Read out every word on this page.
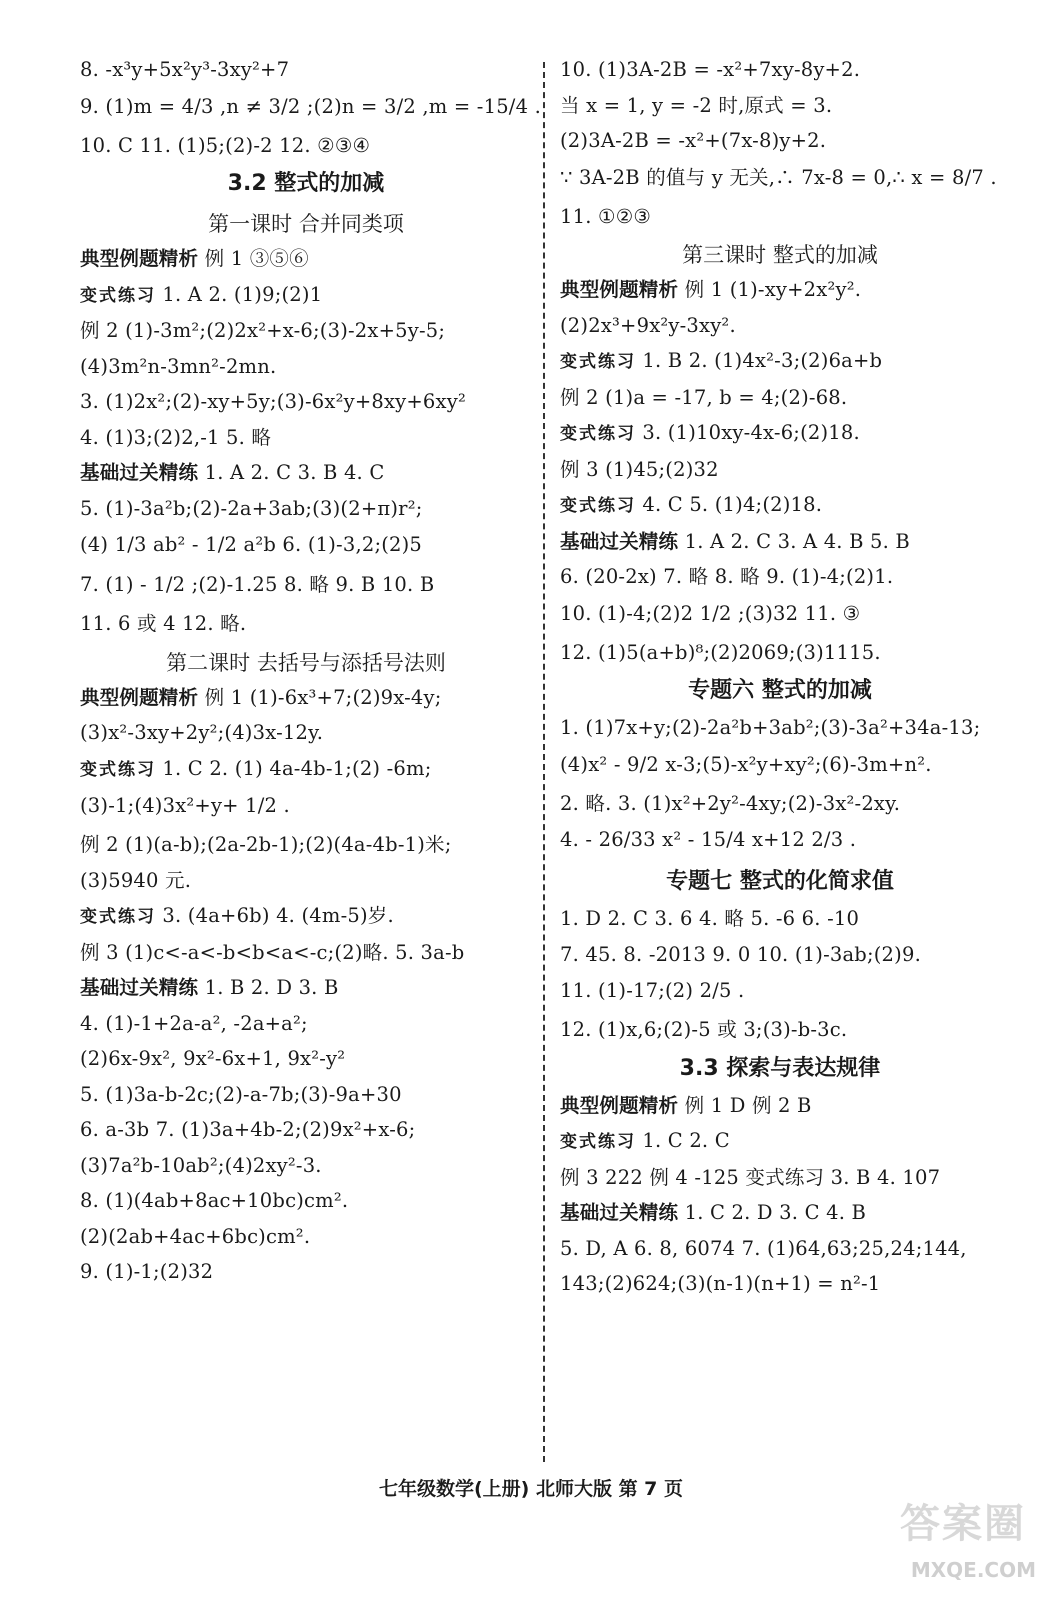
8. -x³y+5x²y³-3xy²+7
9. (1)m = 4/3 ,n ≠ 3/2 ;(2)n = 3/2 ,m = -15/4 .
10. C 11. (1)5;(2)-2 12. ②③④
3.2 整式的加减
第一课时 合并同类项
典型例题精析 例 1 ③⑤⑥
变式练习 1. A 2. (1)9;(2)1
例 2 (1)-3m²;(2)2x²+x-6;(3)-2x+5y-5;
(4)3m²n-3mn²-2mn.
3. (1)2x²;(2)-xy+5y;(3)-6x²y+8xy+6xy²
4. (1)3;(2)2,-1 5. 略
基础过关精练 1. A 2. C 3. B 4. C
5. (1)-3a²b;(2)-2a+3ab;(3)(2+π)r²;
(4) 1/3 ab² - 1/2 a²b 6. (1)-3,2;(2)5
7. (1) - 1/2 ;(2)-1.25 8. 略 9. B 10. B
11. 6 或 4 12. 略.
第二课时 去括号与添括号法则
典型例题精析 例 1 (1)-6x³+7;(2)9x-4y;
(3)x²-3xy+2y²;(4)3x-12y.
变式练习 1. C 2. (1) 4a-4b-1;(2) -6m;
(3)-1;(4)3x²+y+ 1/2 .
例 2 (1)(a-b);(2a-2b-1);(2)(4a-4b-1)米;
(3)5940 元.
变式练习 3. (4a+6b) 4. (4m-5)岁.
例 3 (1)c<-a<-b<b<a<-c;(2)略. 5. 3a-b
基础过关精练 1. B 2. D 3. B
4. (1)-1+2a-a², -2a+a²;
(2)6x-9x², 9x²-6x+1, 9x²-y²
5. (1)3a-b-2c;(2)-a-7b;(3)-9a+30
6. a-3b 7. (1)3a+4b-2;(2)9x²+x-6;
(3)7a²b-10ab²;(4)2xy²-3.
8. (1)(4ab+8ac+10bc)cm².
(2)(2ab+4ac+6bc)cm².
9. (1)-1;(2)32
10. (1)3A-2B = -x²+7xy-8y+2.
当 x = 1, y = -2 时,原式 = 3.
(2)3A-2B = -x²+(7x-8)y+2.
∵ 3A-2B 的值与 y 无关,∴ 7x-8 = 0,∴ x = 8/7 .
11. ①②③
第三课时 整式的加减
典型例题精析 例 1 (1)-xy+2x²y².
(2)2x³+9x²y-3xy².
变式练习 1. B 2. (1)4x²-3;(2)6a+b
例 2 (1)a = -17, b = 4;(2)-68.
变式练习 3. (1)10xy-4x-6;(2)18.
例 3 (1)45;(2)32
变式练习 4. C 5. (1)4;(2)18.
基础过关精练 1. A 2. C 3. A 4. B 5. B
6. (20-2x) 7. 略 8. 略 9. (1)-4;(2)1.
10. (1)-4;(2)2 1/2 ;(3)32 11. ③
12. (1)5(a+b)⁸;(2)2069;(3)1115.
专题六 整式的加减
1. (1)7x+y;(2)-2a²b+3ab²;(3)-3a²+34a-13;
(4)x² - 9/2 x-3;(5)-x²y+xy²;(6)-3m+n².
2. 略. 3. (1)x²+2y²-4xy;(2)-3x²-2xy.
4. - 26/33 x² - 15/4 x+12 2/3 .
专题七 整式的化简求值
1. D 2. C 3. 6 4. 略 5. -6 6. -10
7. 45. 8. -2013 9. 0 10. (1)-3ab;(2)9.
11. (1)-17;(2) 2/5 .
12. (1)x,6;(2)-5 或 3;(3)-b-3c.
3.3 探索与表达规律
典型例题精析 例 1 D 例 2 B
变式练习 1. C 2. C
例 3 222 例 4 -125 变式练习 3. B 4. 107
基础过关精练 1. C 2. D 3. C 4. B
5. D, A 6. 8, 6074 7. (1)64,63;25,24;144,
143;(2)624;(3)(n-1)(n+1) = n²-1
七年级数学(上册) 北师大版 第 7 页
答案圈
MXQE.COM
